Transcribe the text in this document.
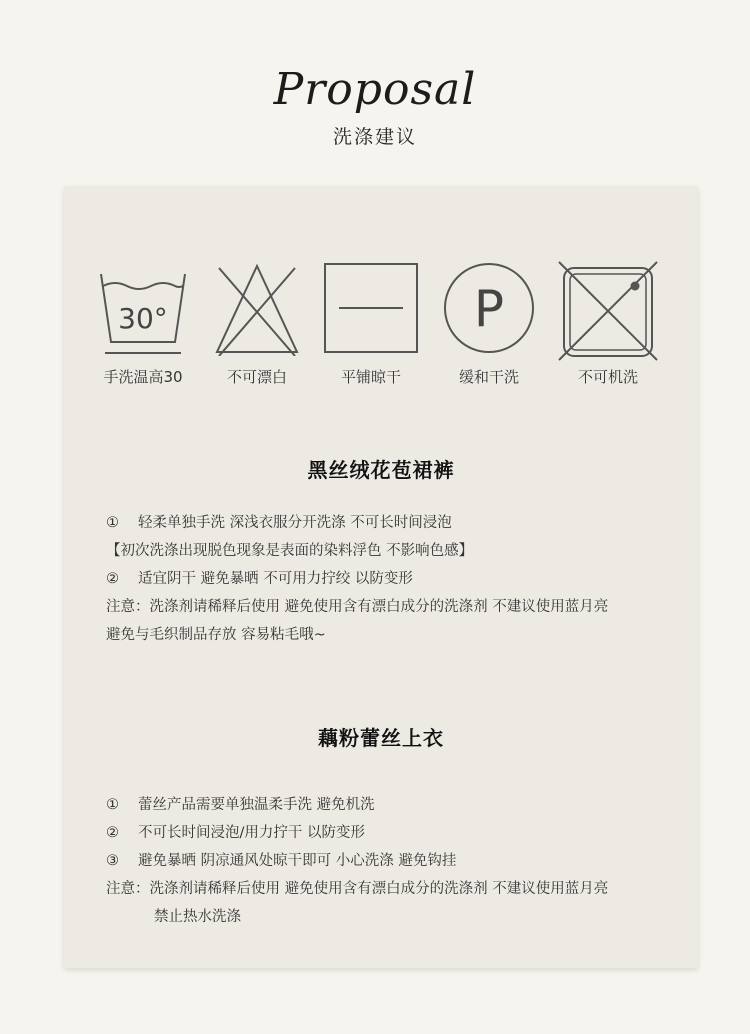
Proposal
洗涤建议
30°
手洗温高30	不可漂白	平铺晾干
P
缓和干洗	不可机洗
黑丝绒花苞裙裤
① 轻柔单独手洗 深浅衣服分开洗涤 不可长时间浸泡
【初次洗涤出现脱色现象是表面的染料浮色 不影响色感】
② 适宜阴干 避免暴晒 不可用力拧绞 以防变形
注意：洗涤剂请稀释后使用 避免使用含有漂白成分的洗涤剂 不建议使用蓝月亮
避免与毛织制品存放 容易粘毛哦~
藕粉蕾丝上衣
① 蕾丝产品需要单独温柔手洗 避免机洗
② 不可长时间浸泡/用力拧干 以防变形
③ 避免暴晒 阴凉通风处晾干即可 小心洗涤 避免钩挂
注意：洗涤剂请稀释后使用 避免使用含有漂白成分的洗涤剂 不建议使用蓝月亮
禁止热水洗涤
